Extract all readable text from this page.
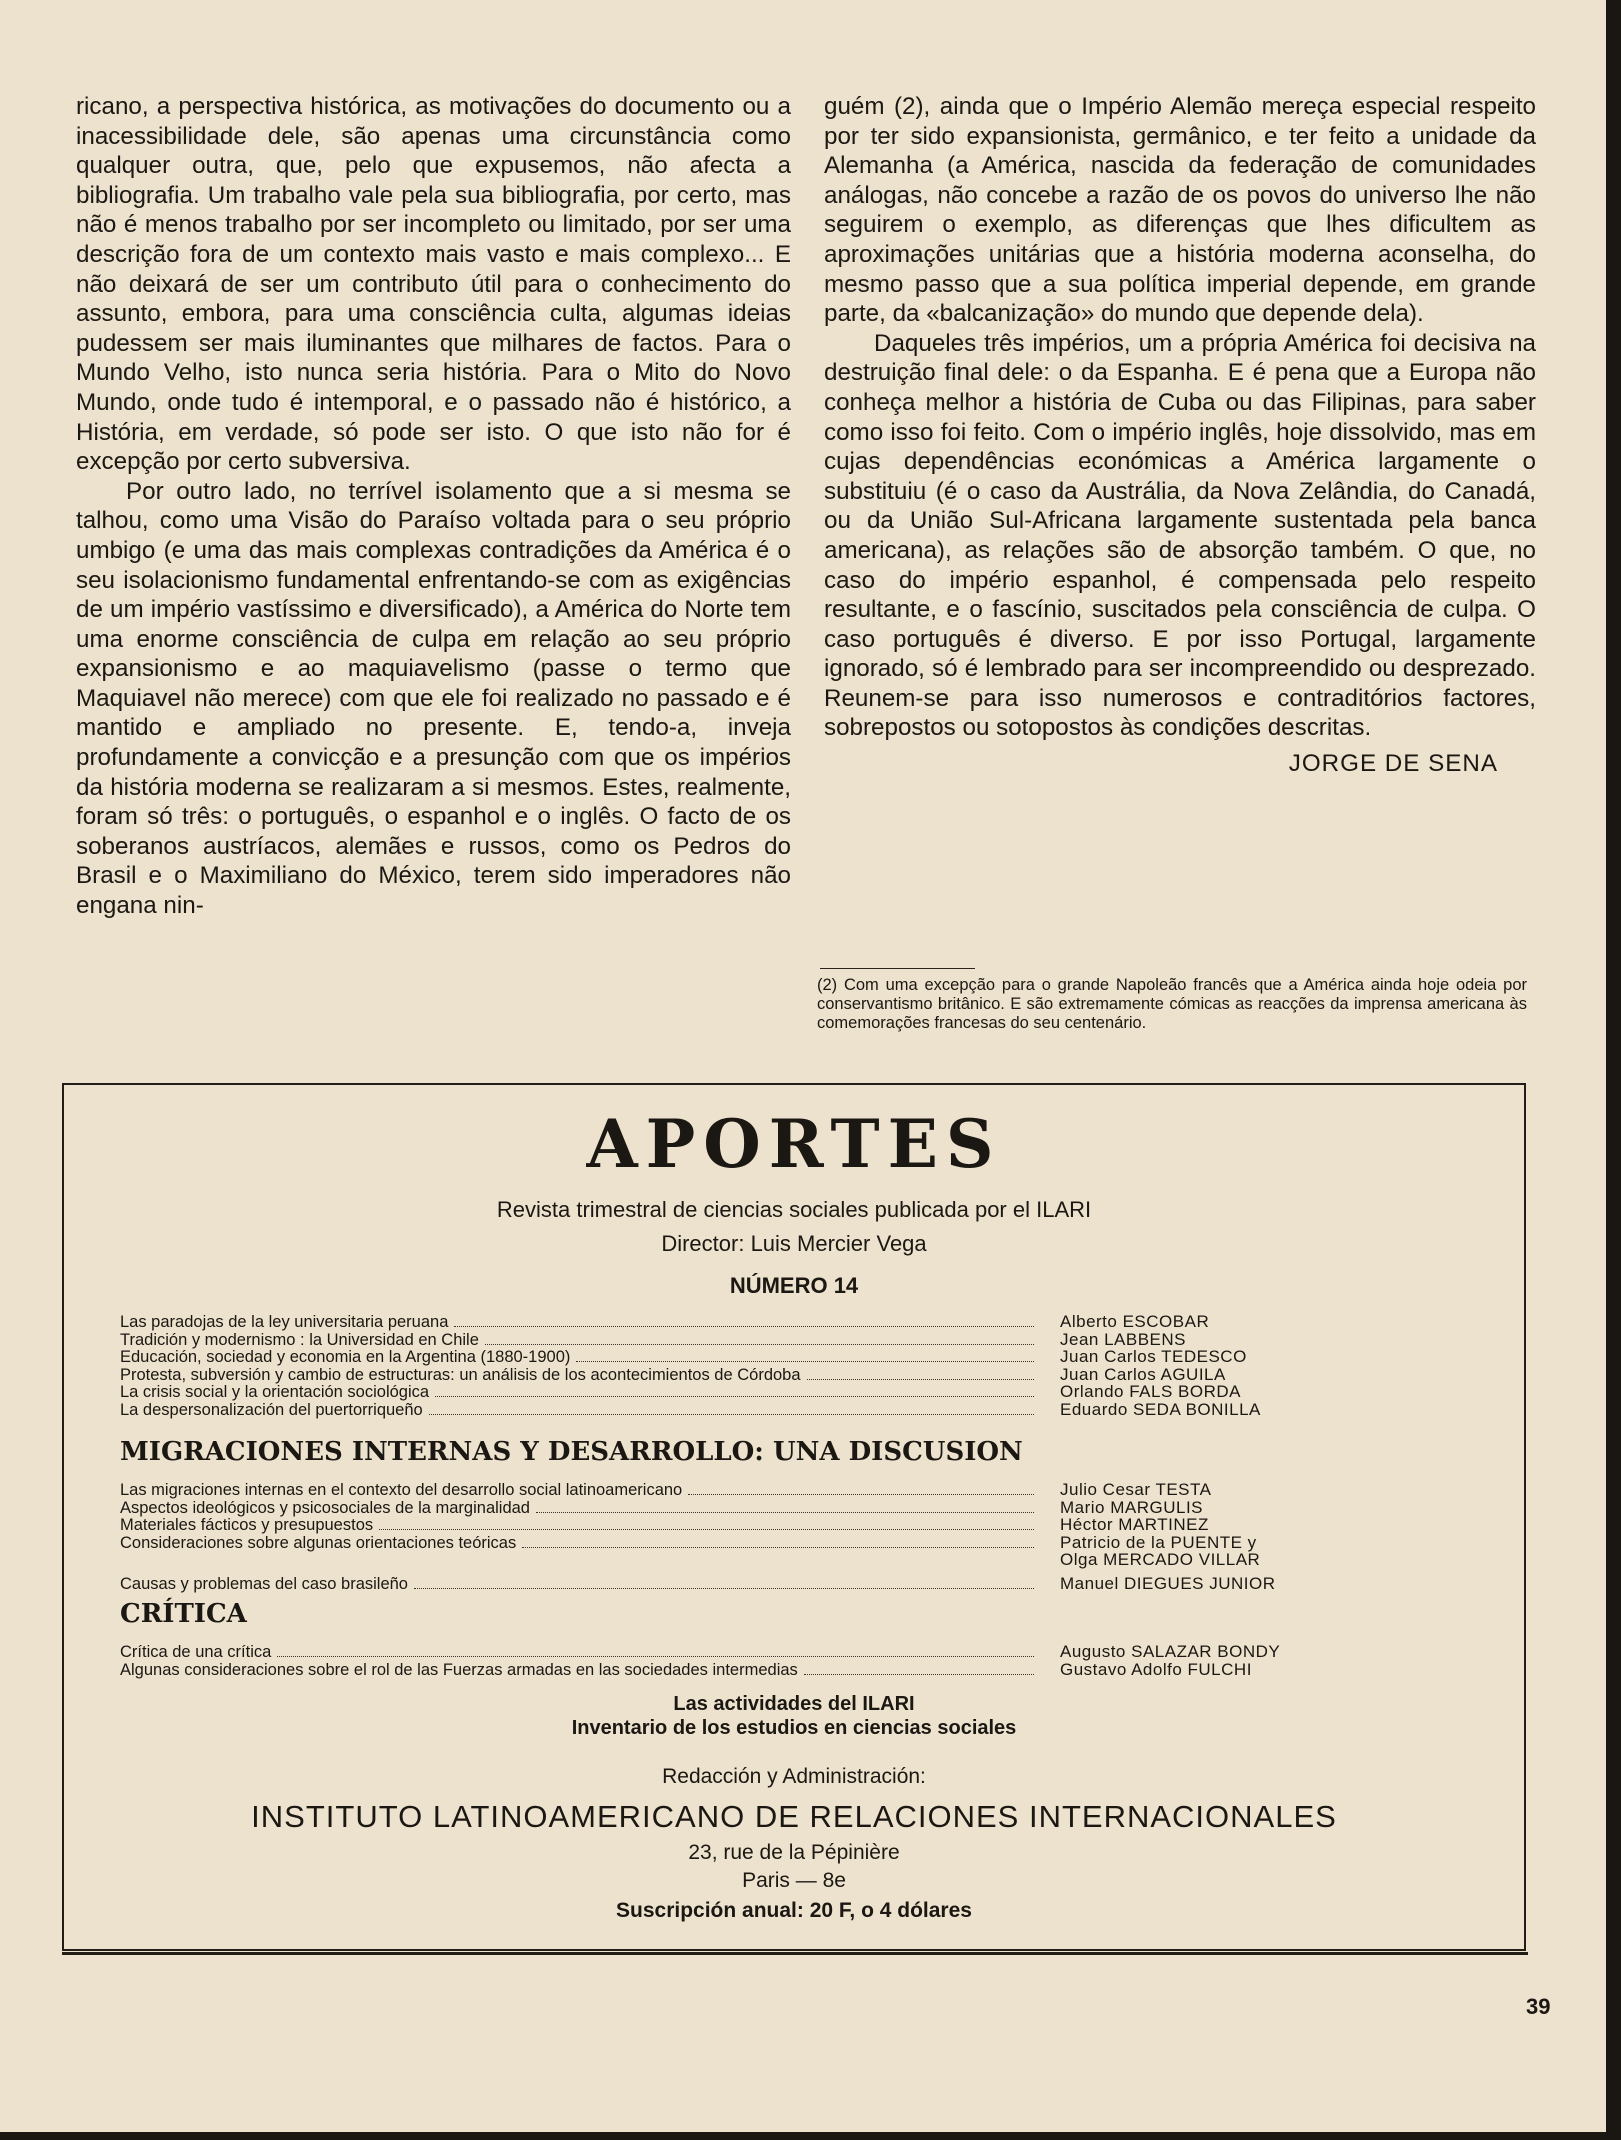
ricano, a perspectiva histórica, as motivações do documento ou a inacessibilidade dele, são apenas uma circunstância como qualquer outra, que, pelo que expusemos, não afecta a bibliografia. Um trabalho vale pela sua bibliografia, por certo, mas não é menos trabalho por ser incompleto ou limitado, por ser uma descrição fora de um contexto mais vasto e mais complexo... E não deixará de ser um contributo útil para o conhecimento do assunto, embora, para uma consciência culta, algumas ideias pudessem ser mais iluminantes que milhares de factos. Para o Mundo Velho, isto nunca seria história. Para o Mito do Novo Mundo, onde tudo é intemporal, e o passado não é histórico, a História, em verdade, só pode ser isto. O que isto não for é excepção por certo subversiva.

Por outro lado, no terrível isolamento que a si mesma se talhou, como uma Visão do Paraíso voltada para o seu próprio umbigo (e uma das mais complexas contradições da América é o seu isolacionismo fundamental enfrentando-se com as exigências de um império vastíssimo e diversificado), a América do Norte tem uma enorme consciência de culpa em relação ao seu próprio expansionismo e ao maquiavelismo (passe o termo que Maquiavel não merece) com que ele foi realizado no passado e é mantido e ampliado no presente. E, tendo-a, inveja profundamente a convicção e a presunção com que os impérios da história moderna se realizaram a si mesmos. Estes, realmente, foram só três: o português, o espanhol e o inglês. O facto de os soberanos austríacos, alemães e russos, como os Pedros do Brasil e o Maximiliano do México, terem sido imperadores não engana nin-

guém (2), ainda que o Império Alemão mereça especial respeito por ter sido expansionista, germânico, e ter feito a unidade da Alemanha (a América, nascida da federação de comunidades análogas, não concebe a razão de os povos do universo lhe não seguirem o exemplo, as diferenças que lhes dificultem as aproximações unitárias que a história moderna aconselha, do mesmo passo que a sua política imperial depende, em grande parte, da «balcanização» do mundo que depende dela).

Daqueles três impérios, um a própria América foi decisiva na destruição final dele: o da Espanha. E é pena que a Europa não conheça melhor a história de Cuba ou das Filipinas, para saber como isso foi feito. Com o império inglês, hoje dissolvido, mas em cujas dependências económicas a América largamente o substituiu (é o caso da Austrália, da Nova Zelândia, do Canadá, ou da União Sul-Africana largamente sustentada pela banca americana), as relações são de absorção também. O que, no caso do império espanhol, é compensada pelo respeito resultante, e o fascínio, suscitados pela consciência de culpa. O caso português é diverso. E por isso Portugal, largamente ignorado, só é lembrado para ser incompreendido ou desprezado. Reunem-se para isso numerosos e contraditórios factores, sobrepostos ou sotopostos às condições descritas.

JORGE DE SENA
(2) Com uma excepção para o grande Napoleão francês que a América ainda hoje odeia por conservantismo britânico. E são extremamente cómicas as reacções da imprensa americana às comemorações francesas do seu centenário.
APORTES
Revista trimestral de ciencias sociales publicada por el ILARI
Director: Luis Mercier Vega
NÚMERO 14
Las paradojas de la ley universitaria peruana	Alberto ESCOBAR
Tradición y modernismo : la Universidad en Chile	Jean LABBENS
Educación, sociedad y economia en la Argentina (1880-1900)	Juan Carlos TEDESCO
Protesta, subversión y cambio de estructuras: un análisis de los acontecimientos de Córdoba	Juan Carlos AGUILA
La crisis social y la orientación sociológica	Orlando FALS BORDA
La despersonalización del puertorriqueño	Eduardo SEDA BONILLA
MIGRACIONES INTERNAS Y DESARROLLO: UNA DISCUSION
Las migraciones internas en el contexto del desarrollo social latinoamericano	Julio Cesar TESTA
Aspectos ideológicos y psicosociales de la marginalidad	Mario MARGULIS
Materiales fácticos y presupuestos	Héctor MARTINEZ
Consideraciones sobre algunas orientaciones teóricas	Patricio de la PUENTE y
Olga MERCADO VILLAR
Causas y problemas del caso brasileño	Manuel DIEGUES JUNIOR
CRÍTICA
Crítica de una crítica	Augusto SALAZAR BONDY
Algunas consideraciones sobre el rol de las Fuerzas armadas en las sociedades intermedias	Gustavo Adolfo FULCHI
Las actividades del ILARI
Inventario de los estudios en ciencias sociales
Redacción y Administración:
INSTITUTO LATINOAMERICANO DE RELACIONES INTERNACIONALES
23, rue de la Pépinière
Paris — 8e
Suscripción anual: 20 F, o 4 dólares
39
